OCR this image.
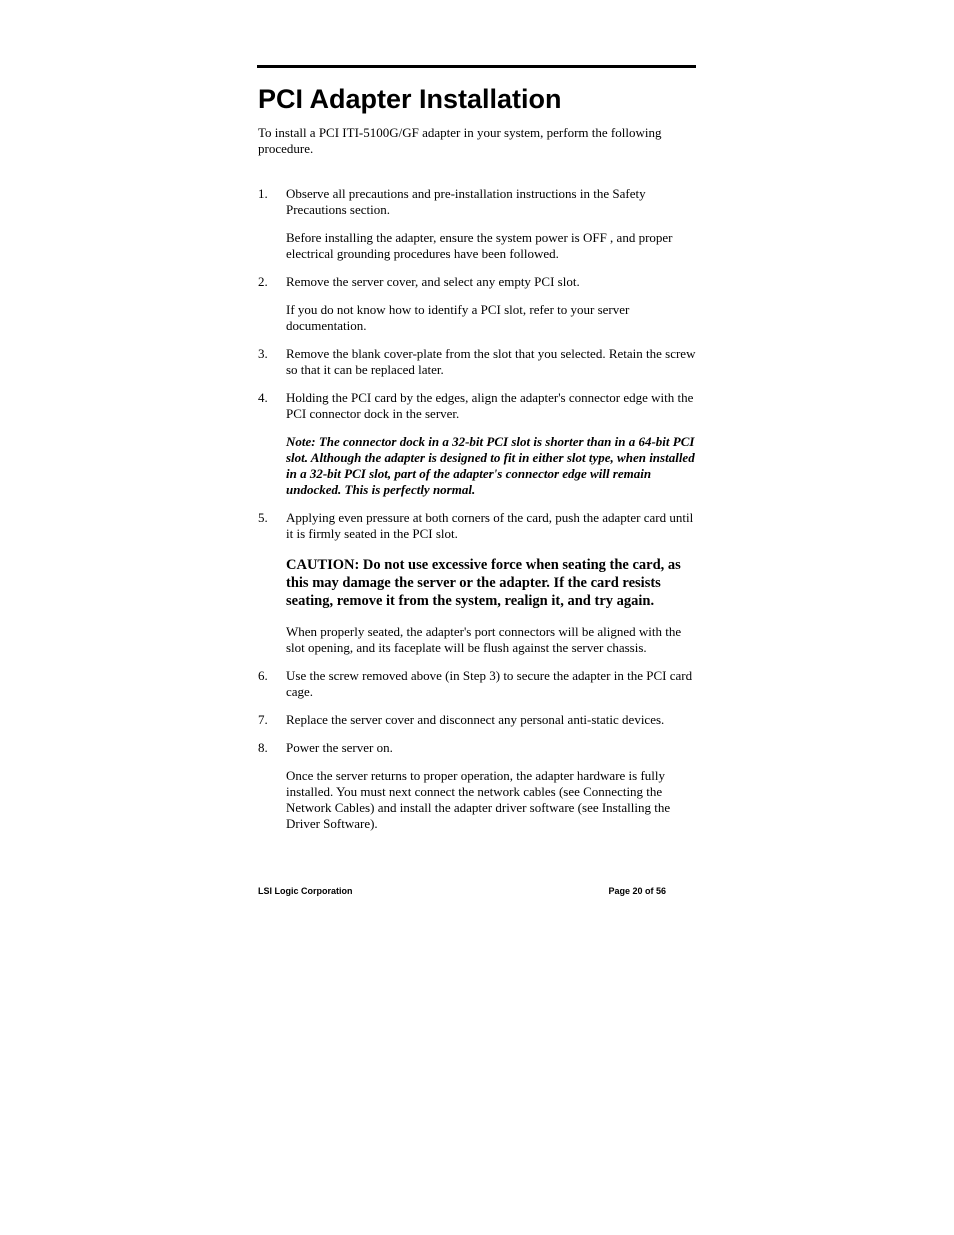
PCI Adapter Installation

To install a PCI ITI-5100G/GF adapter in your system, perform the following procedure.

1. Observe all precautions and pre-installation instructions in the Safety Precautions section.

Before installing the adapter, ensure the system power is OFF , and proper electrical grounding procedures have been followed.

2. Remove the server cover, and select any empty PCI slot.

If you do not know how to identify a PCI slot, refer to your server documentation.

3. Remove the blank cover-plate from the slot that you selected. Retain the screw so that it can be replaced later.

4. Holding the PCI card by the edges, align the adapter's connector edge with the PCI connector dock in the server.

Note: The connector dock in a 32-bit PCI slot is shorter than in a 64-bit PCI slot. Although the adapter is designed to fit in either slot type, when installed in a 32-bit PCI slot, part of the adapter's connector edge will remain undocked. This is perfectly normal.

5. Applying even pressure at both corners of the card, push the adapter card until it is firmly seated in the PCI slot.

CAUTION: Do not use excessive force when seating the card, as this may damage the server or the adapter. If the card resists seating, remove it from the system, realign it, and try again.

When properly seated, the adapter's port connectors will be aligned with the slot opening, and its faceplate will be flush against the server chassis.

6. Use the screw removed above (in Step 3) to secure the adapter in the PCI card cage.

7. Replace the server cover and disconnect any personal anti-static devices.

8. Power the server on.

Once the server returns to proper operation, the adapter hardware is fully installed. You must next connect the network cables (see Connecting the Network Cables) and install the adapter driver software (see Installing the Driver Software).

LSI Logic Corporation	Page 20 of 56
